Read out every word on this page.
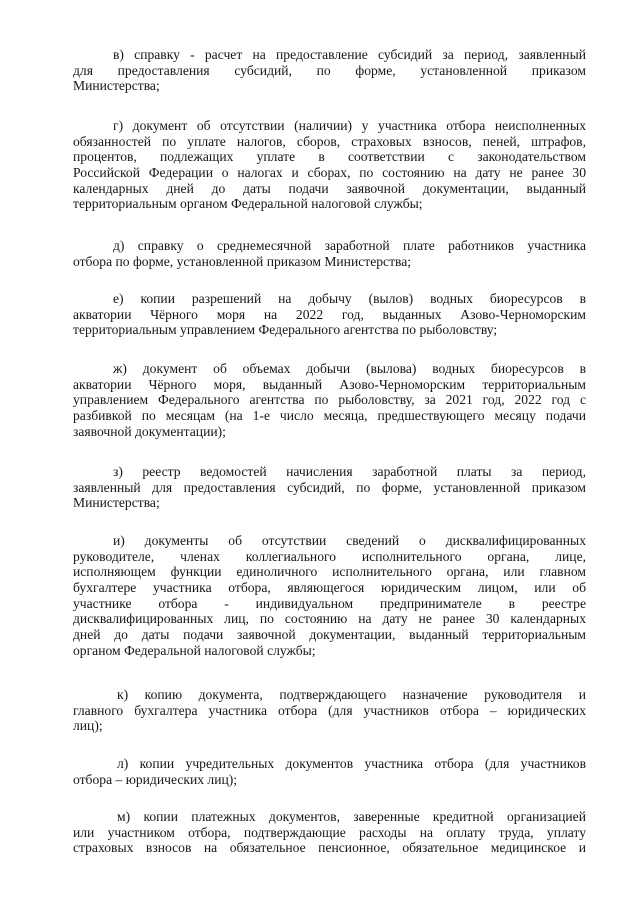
в) справку - расчет на предоставление субсидий за период, заявленный
для предоставления субсидий, по форме, установленной приказом
Министерства;
г) документ об отсутствии (наличии) у участника отбора неисполненных
обязанностей по уплате налогов, сборов, страховых взносов, пеней, штрафов,
процентов, подлежащих уплате в соответствии с законодательством
Российской Федерации о налогах и сборах, по состоянию на дату не ранее 30
календарных дней до даты подачи заявочной документации, выданный
территориальным органом Федеральной налоговой службы;
д) справку о среднемесячной заработной плате работников участника
отбора по форме, установленной приказом Министерства;
е) копии разрешений на добычу (вылов) водных биоресурсов в
акватории Чёрного моря на 2022 год, выданных Азово-Черноморским
территориальным управлением Федерального агентства по рыболовству;
ж) документ об объемах добычи (вылова) водных биоресурсов в
акватории Чёрного моря, выданный Азово-Черноморским территориальным
управлением Федерального агентства по рыболовству, за 2021 год, 2022 год с
разбивкой по месяцам (на 1-е число месяца, предшествующего месяцу подачи
заявочной документации);
з) реестр ведомостей начисления заработной платы за период,
заявленный для предоставления субсидий, по форме, установленной приказом
Министерства;
и) документы об отсутствии сведений о дисквалифицированных
руководителе, членах коллегиального исполнительного органа, лице,
исполняющем функции единоличного исполнительного органа, или главном
бухгалтере участника отбора, являющегося юридическим лицом, или об
участнике отбора - индивидуальном предпринимателе в реестре
дисквалифицированных лиц, по состоянию на дату не ранее 30 календарных
дней до даты подачи заявочной документации, выданный территориальным
органом Федеральной налоговой службы;
к) копию документа, подтверждающего назначение руководителя и
главного бухгалтера участника отбора (для участников отбора – юридических
лиц);
л) копии учредительных документов участника отбора (для участников
отбора – юридических лиц);
м) копии платежных документов, заверенные кредитной организацией
или участником отбора, подтверждающие расходы на оплату труда, уплату
страховых взносов на обязательное пенсионное, обязательное медицинское и
